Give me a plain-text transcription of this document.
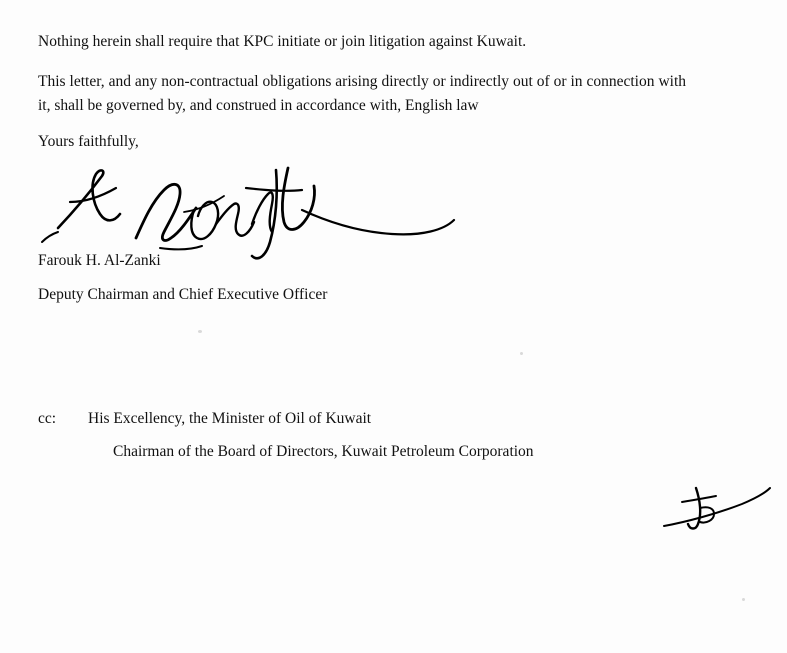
Nothing herein shall require that KPC initiate or join litigation against Kuwait.
This letter, and any non-contractual obligations arising directly or indirectly out of or in connection with it, shall be governed by, and construed in accordance with, English law
Yours faithfully,
Farouk H. Al-Zanki
Deputy Chairman and Chief Executive Officer
cc: His Excellency, the Minister of Oil of Kuwait
Chairman of the Board of Directors, Kuwait Petroleum Corporation
